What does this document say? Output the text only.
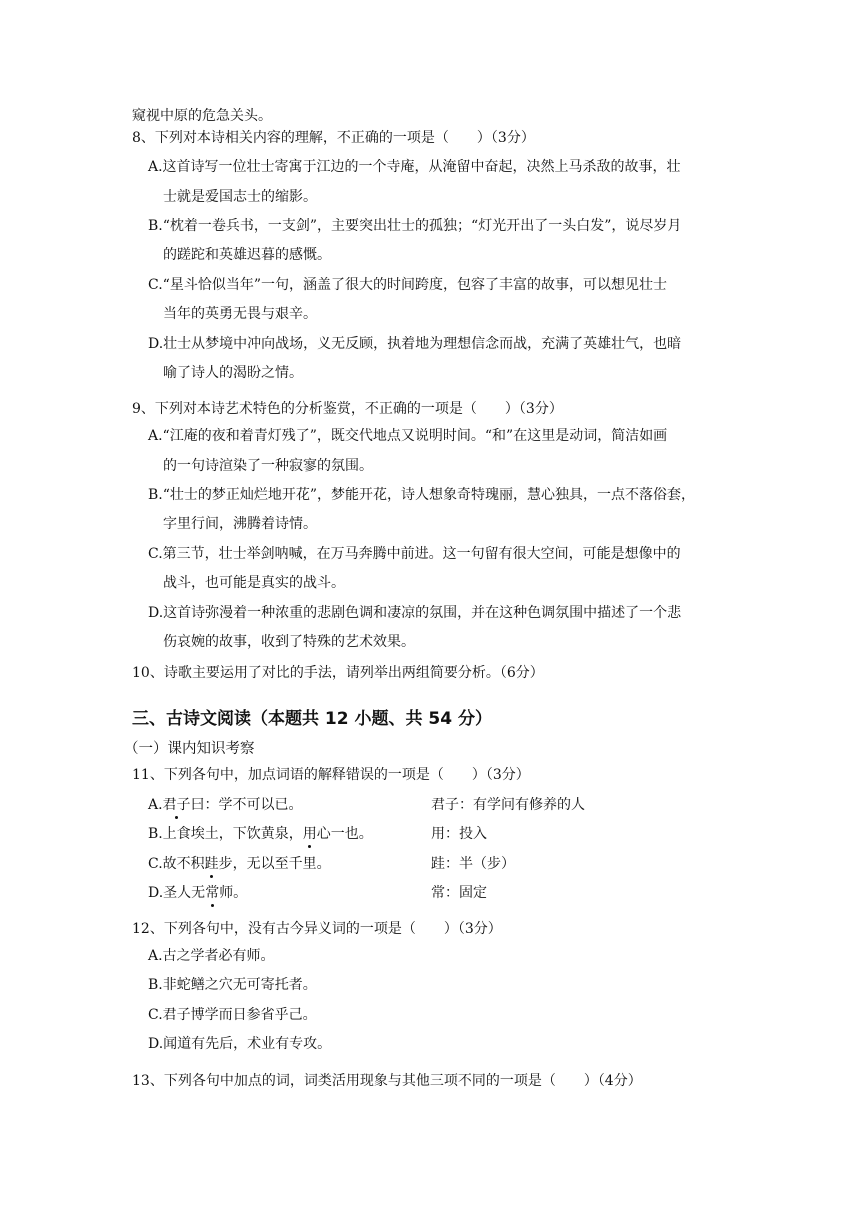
窥视中原的危急关头。
8、下列对本诗相关内容的理解，不正确的一项是（　　）（3分）
A.这首诗写一位壮士寄寓于江边的一个寺庵，从淹留中奋起，决然上马杀敌的故事，壮
士就是爱国志士的缩影。
B.“枕着一卷兵书，一支剑”，主要突出壮士的孤独；“灯光开出了一头白发”，说尽岁月
的蹉跎和英雄迟暮的感慨。
C.“星斗恰似当年”一句，涵盖了很大的时间跨度，包容了丰富的故事，可以想见壮士
当年的英勇无畏与艰辛。
D.壮士从梦境中冲向战场，义无反顾，执着地为理想信念而战，充满了英雄壮气，也暗
喻了诗人的渴盼之情。
9、下列对本诗艺术特色的分析鉴赏，不正确的一项是（　　）（3分）
A.“江庵的夜和着青灯残了”，既交代地点又说明时间。“和”在这里是动词，简洁如画
的一句诗渲染了一种寂寥的氛围。
B.“壮士的梦正灿烂地开花”，梦能开花，诗人想象奇特瑰丽，慧心独具，一点不落俗套，
字里行间，沸腾着诗情。
C.第三节，壮士举剑呐喊，在万马奔腾中前进。这一句留有很大空间，可能是想像中的
战斗，也可能是真实的战斗。
D.这首诗弥漫着一种浓重的悲剧色调和凄凉的氛围，并在这种色调氛围中描述了一个悲
伤哀婉的故事，收到了特殊的艺术效果。
10、诗歌主要运用了对比的手法，请列举出两组简要分析。（6分）
三、古诗文阅读（本题共 12 小题、共 54 分）
（一）课内知识考察
11、下列各句中，加点词语的解释错误的一项是（　　）（3分）
A.君子曰：学不可以已。	君子：有学问有修养的人
B.上食埃土，下饮黄泉，用心一也。	用：投入
C.故不积跬步，无以至千里。	跬：半（步）
D.圣人无常师。	常：固定
12、下列各句中，没有古今异义词的一项是（　　）（3分）
A.古之学者必有师。
B.非蛇鳝之穴无可寄托者。
C.君子博学而日参省乎己。
D.闻道有先后，术业有专攻。
13、下列各句中加点的词，词类活用现象与其他三项不同的一项是（　　）（4分）
